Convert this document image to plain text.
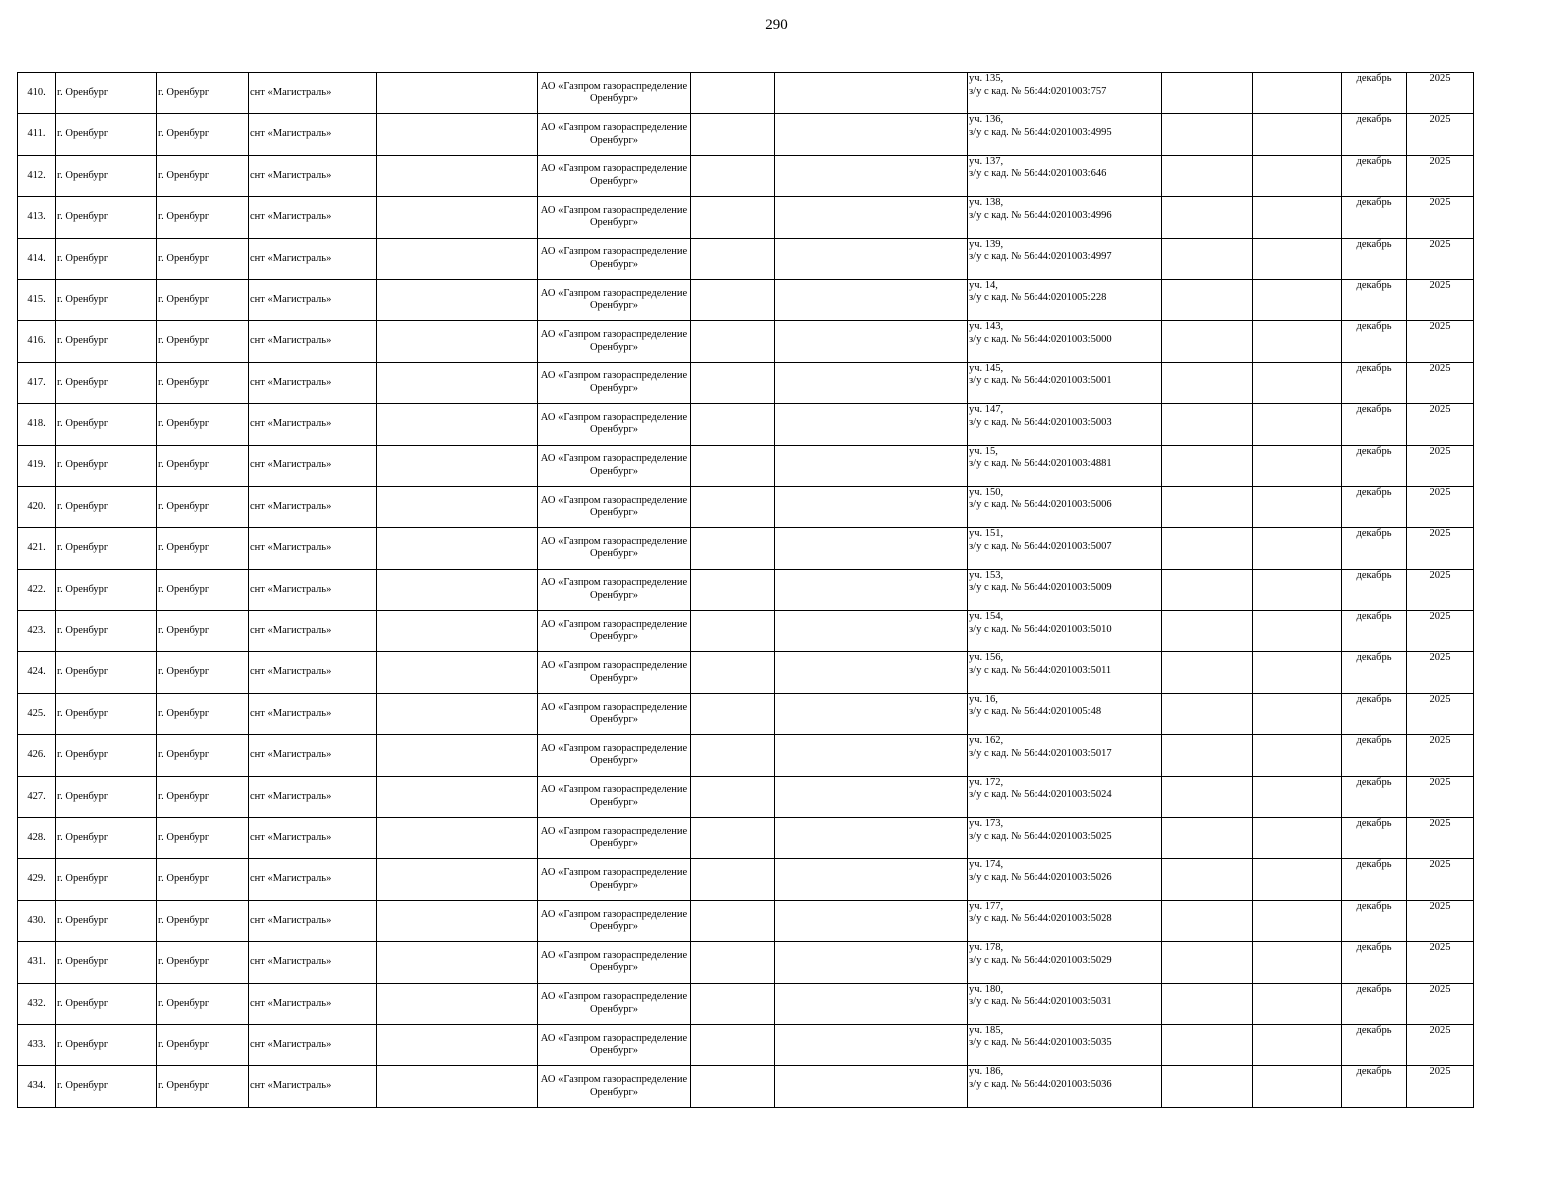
290
410.	г. Оренбург	г. Оренбург	снт «Магистраль»		АО «Газпром газораспределение Оренбург»			уч. 135,
з/у с кад. № 56:44:0201003:757			декабрь	2025
411.	г. Оренбург	г. Оренбург	снт «Магистраль»		АО «Газпром газораспределение Оренбург»			уч. 136,
з/у с кад. № 56:44:0201003:4995			декабрь	2025
412.	г. Оренбург	г. Оренбург	снт «Магистраль»		АО «Газпром газораспределение Оренбург»			уч. 137,
з/у с кад. № 56:44:0201003:646			декабрь	2025
413.	г. Оренбург	г. Оренбург	снт «Магистраль»		АО «Газпром газораспределение Оренбург»			уч. 138,
з/у с кад. № 56:44:0201003:4996			декабрь	2025
414.	г. Оренбург	г. Оренбург	снт «Магистраль»		АО «Газпром газораспределение Оренбург»			уч. 139,
з/у с кад. № 56:44:0201003:4997			декабрь	2025
415.	г. Оренбург	г. Оренбург	снт «Магистраль»		АО «Газпром газораспределение Оренбург»			уч. 14,
з/у с кад. № 56:44:0201005:228			декабрь	2025
416.	г. Оренбург	г. Оренбург	снт «Магистраль»		АО «Газпром газораспределение Оренбург»			уч. 143,
з/у с кад. № 56:44:0201003:5000			декабрь	2025
417.	г. Оренбург	г. Оренбург	снт «Магистраль»		АО «Газпром газораспределение Оренбург»			уч. 145,
з/у с кад. № 56:44:0201003:5001			декабрь	2025
418.	г. Оренбург	г. Оренбург	снт «Магистраль»		АО «Газпром газораспределение Оренбург»			уч. 147,
з/у с кад. № 56:44:0201003:5003			декабрь	2025
419.	г. Оренбург	г. Оренбург	снт «Магистраль»		АО «Газпром газораспределение Оренбург»			уч. 15,
з/у с кад. № 56:44:0201003:4881			декабрь	2025
420.	г. Оренбург	г. Оренбург	снт «Магистраль»		АО «Газпром газораспределение Оренбург»			уч. 150,
з/у с кад. № 56:44:0201003:5006			декабрь	2025
421.	г. Оренбург	г. Оренбург	снт «Магистраль»		АО «Газпром газораспределение Оренбург»			уч. 151,
з/у с кад. № 56:44:0201003:5007			декабрь	2025
422.	г. Оренбург	г. Оренбург	снт «Магистраль»		АО «Газпром газораспределение Оренбург»			уч. 153,
з/у с кад. № 56:44:0201003:5009			декабрь	2025
423.	г. Оренбург	г. Оренбург	снт «Магистраль»		АО «Газпром газораспределение Оренбург»			уч. 154,
з/у с кад. № 56:44:0201003:5010			декабрь	2025
424.	г. Оренбург	г. Оренбург	снт «Магистраль»		АО «Газпром газораспределение Оренбург»			уч. 156,
з/у с кад. № 56:44:0201003:5011			декабрь	2025
425.	г. Оренбург	г. Оренбург	снт «Магистраль»		АО «Газпром газораспределение Оренбург»			уч. 16,
з/у с кад. № 56:44:0201005:48			декабрь	2025
426.	г. Оренбург	г. Оренбург	снт «Магистраль»		АО «Газпром газораспределение Оренбург»			уч. 162,
з/у с кад. № 56:44:0201003:5017			декабрь	2025
427.	г. Оренбург	г. Оренбург	снт «Магистраль»		АО «Газпром газораспределение Оренбург»			уч. 172,
з/у с кад. № 56:44:0201003:5024			декабрь	2025
428.	г. Оренбург	г. Оренбург	снт «Магистраль»		АО «Газпром газораспределение Оренбург»			уч. 173,
з/у с кад. № 56:44:0201003:5025			декабрь	2025
429.	г. Оренбург	г. Оренбург	снт «Магистраль»		АО «Газпром газораспределение Оренбург»			уч. 174,
з/у с кад. № 56:44:0201003:5026			декабрь	2025
430.	г. Оренбург	г. Оренбург	снт «Магистраль»		АО «Газпром газораспределение Оренбург»			уч. 177,
з/у с кад. № 56:44:0201003:5028			декабрь	2025
431.	г. Оренбург	г. Оренбург	снт «Магистраль»		АО «Газпром газораспределение Оренбург»			уч. 178,
з/у с кад. № 56:44:0201003:5029			декабрь	2025
432.	г. Оренбург	г. Оренбург	снт «Магистраль»		АО «Газпром газораспределение Оренбург»			уч. 180,
з/у с кад. № 56:44:0201003:5031			декабрь	2025
433.	г. Оренбург	г. Оренбург	снт «Магистраль»		АО «Газпром газораспределение Оренбург»			уч. 185,
з/у с кад. № 56:44:0201003:5035			декабрь	2025
434.	г. Оренбург	г. Оренбург	снт «Магистраль»		АО «Газпром газораспределение Оренбург»			уч. 186,
з/у с кад. № 56:44:0201003:5036			декабрь	2025
